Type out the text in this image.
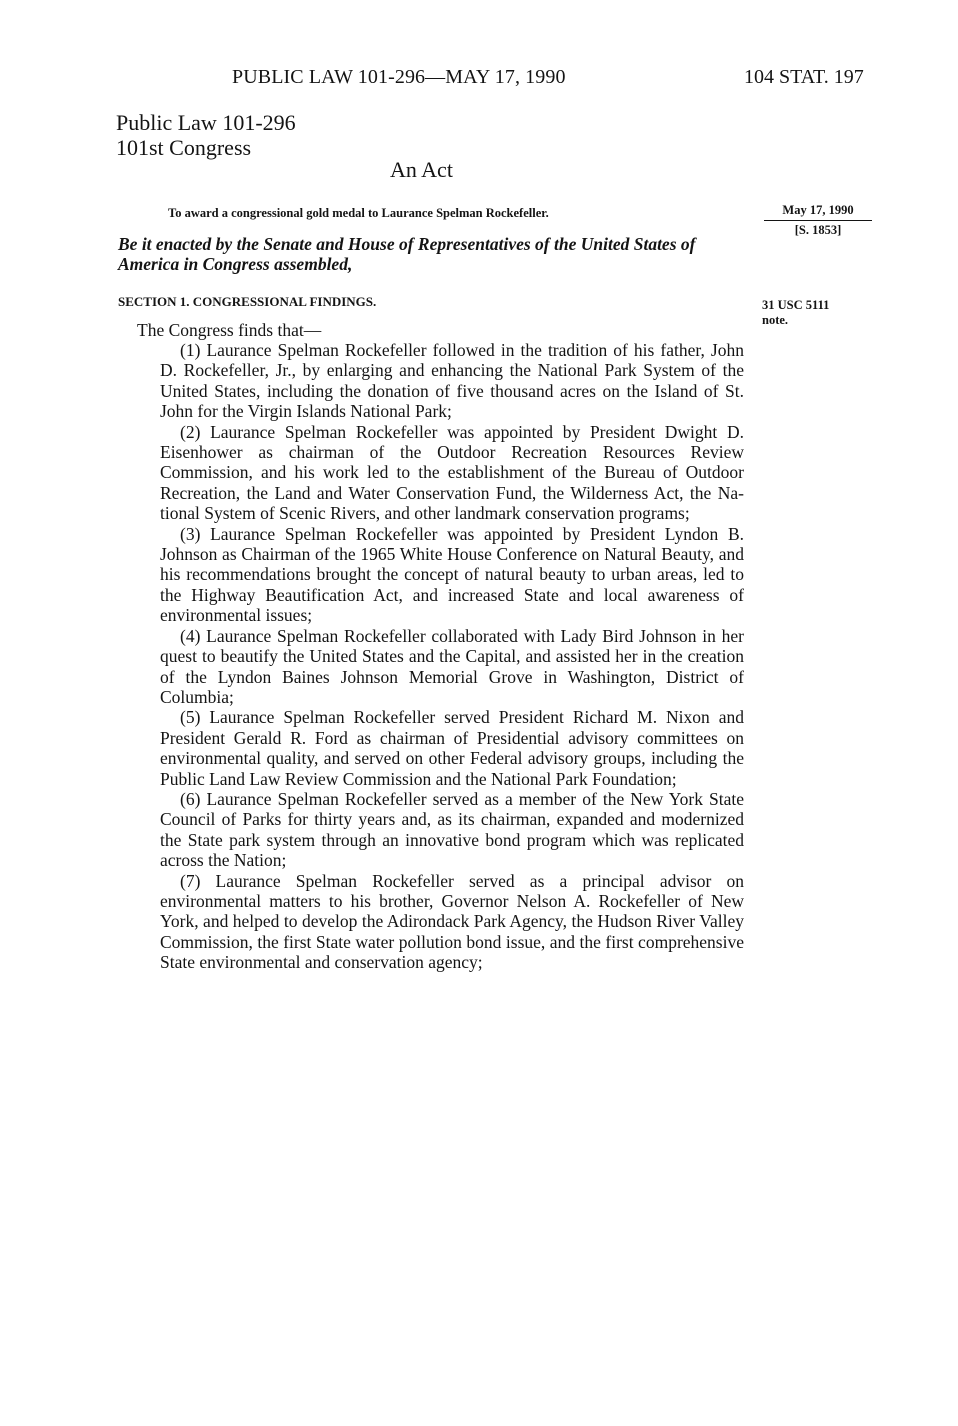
PUBLIC LAW 101-296—MAY 17, 1990	104 STAT. 197
Public Law 101-296
101st Congress
An Act
To award a congressional gold medal to Laurance Spelman Rockefeller.	May 17, 1990
[S. 1853]
Be it enacted by the Senate and House of Representatives of the United States of America in Congress assembled,
SECTION 1. CONGRESSIONAL FINDINGS.	31 USC 5111
note.
The Congress finds that—

(1) Laurance Spelman Rockefeller followed in the tradition of his father, John D. Rockefeller, Jr., by enlarging and enhancing the National Park System of the United States, including the donation of five thousand acres on the Island of St. John for the Virgin Islands National Park;

(2) Laurance Spelman Rockefeller was appointed by President Dwight D. Eisenhower as chairman of the Outdoor Recreation Resources Review Commission, and his work led to the establishment of the Bureau of Outdoor Recreation, the Land and Water Conservation Fund, the Wilderness Act, the National System of Scenic Rivers, and other landmark conservation programs;

(3) Laurance Spelman Rockefeller was appointed by President Lyndon B. Johnson as Chairman of the 1965 White House Conference on Natural Beauty, and his recommendations brought the concept of natural beauty to urban areas, led to the Highway Beautification Act, and increased State and local awareness of environmental issues;

(4) Laurance Spelman Rockefeller collaborated with Lady Bird Johnson in her quest to beautify the United States and the Capital, and assisted her in the creation of the Lyndon Baines Johnson Memorial Grove in Washington, District of Columbia;

(5) Laurance Spelman Rockefeller served President Richard M. Nixon and President Gerald R. Ford as chairman of Presidential advisory committees on environmental quality, and served on other Federal advisory groups, including the Public Land Law Review Commission and the National Park Foundation;

(6) Laurance Spelman Rockefeller served as a member of the New York State Council of Parks for thirty years and, as its chairman, expanded and modernized the State park system through an innovative bond program which was replicated across the Nation;

(7) Laurance Spelman Rockefeller served as a principal advisor on environmental matters to his brother, Governor Nelson A. Rockefeller of New York, and helped to develop the Adirondack Park Agency, the Hudson River Valley Commission, the first State water pollution bond issue, and the first comprehensive State environmental and conservation agency;
